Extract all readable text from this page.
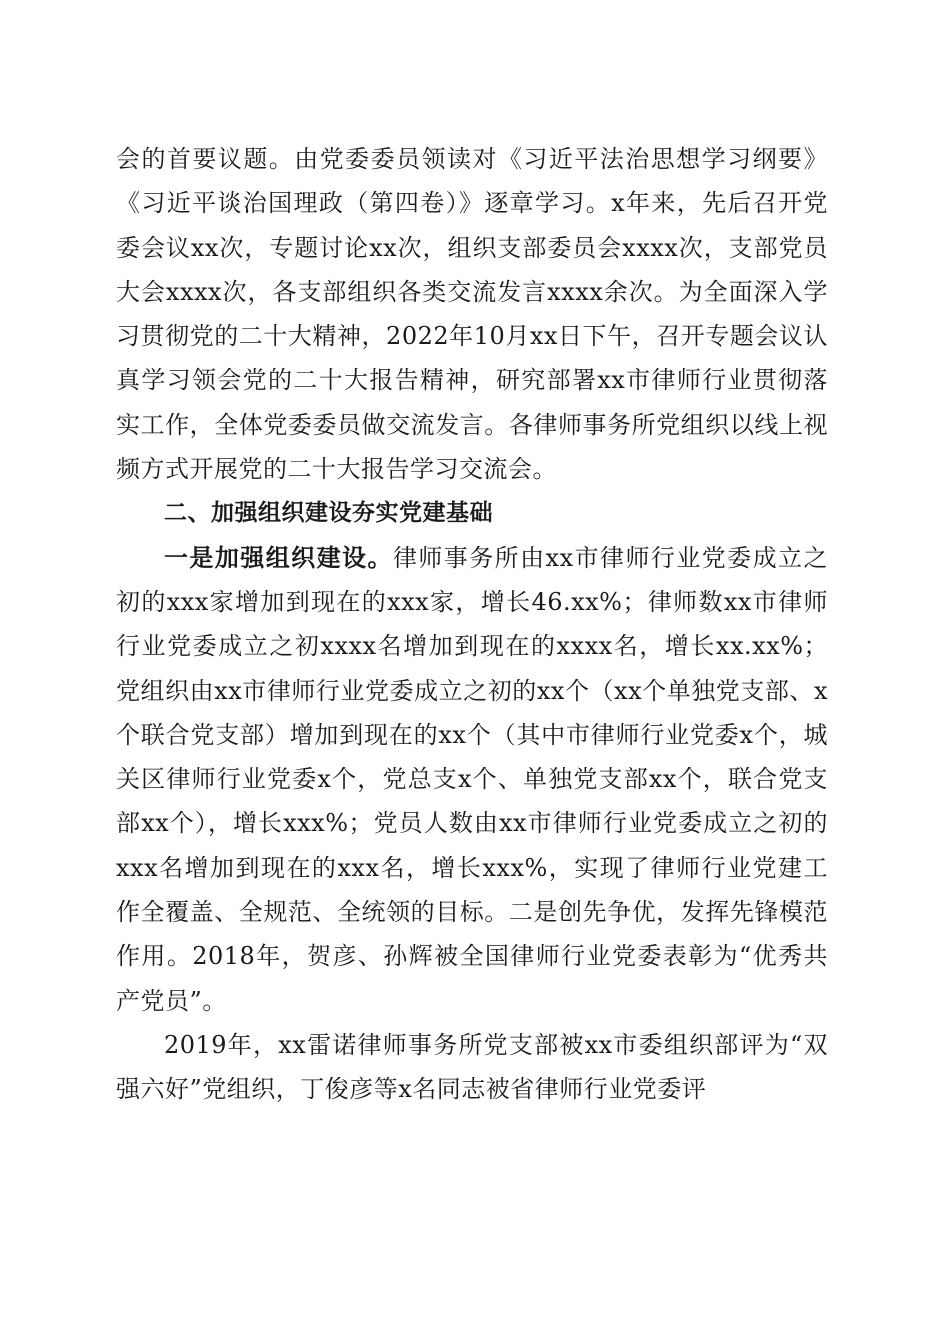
会的首要议题。由党委委员领读对《习近平法治思想学习纲要》《习近平谈治国理政（第四卷）》逐章学习。x年来，先后召开党委会议xx次，专题讨论xx次，组织支部委员会xxxx次，支部党员大会xxxx次，各支部组织各类交流发言xxxx余次。为全面深入学习贯彻党的二十大精神，2022年10月xx日下午，召开专题会议认真学习领会党的二十大报告精神，研究部署xx市律师行业贯彻落实工作，全体党委委员做交流发言。各律师事务所党组织以线上视频方式开展党的二十大报告学习交流会。

二、加强组织建设夯实党建基础

一是加强组织建设。律师事务所由xx市律师行业党委成立之初的xxx家增加到现在的xxx家，增长46.xx%；律师数xx市律师行业党委成立之初xxxx名增加到现在的xxxx名，增长xx.xx%；党组织由xx市律师行业党委成立之初的xx个（xx个单独党支部、x个联合党支部）增加到现在的xx个（其中市律师行业党委x个，城关区律师行业党委x个，党总支x个、单独党支部xx个，联合党支部xx个），增长xxx%；党员人数由xx市律师行业党委成立之初的xxx名增加到现在的xxx名，增长xxx%，实现了律师行业党建工作全覆盖、全规范、全统领的目标。二是创先争优，发挥先锋模范作用。2018年，贺彦、孙辉被全国律师行业党委表彰为“优秀共产党员”。

2019年，xx雷诺律师事务所党支部被xx市委组织部评为“双强六好”党组织，丁俊彦等x名同志被省律师行业党委评
